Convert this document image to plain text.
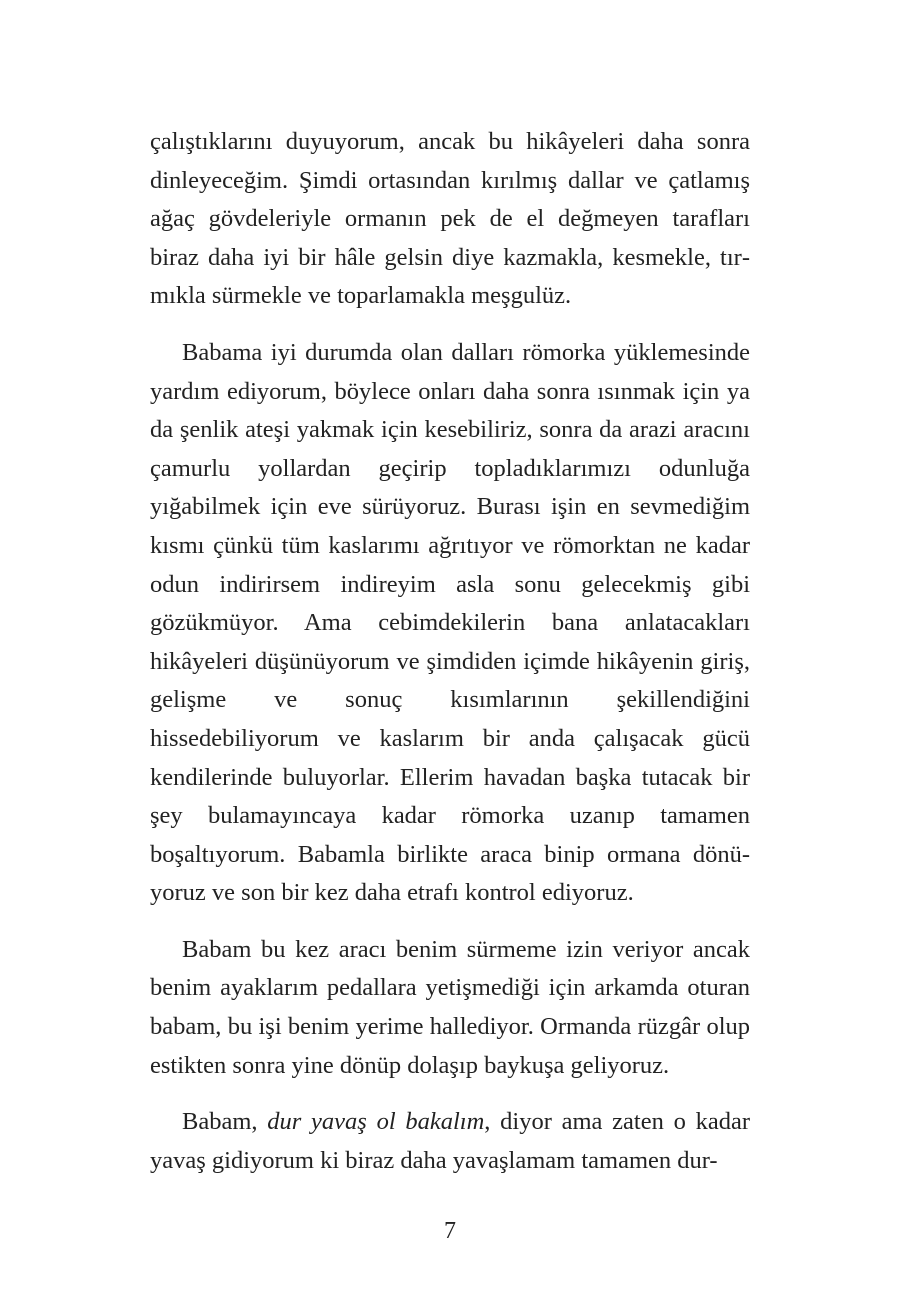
çalıştıklarını duyuyorum, ancak bu hikâyeleri daha sonra dinleyeceğim. Şimdi ortasından kırılmış dallar ve çatlamış ağaç gövdeleriyle ormanın pek de el değmeyen tarafları biraz daha iyi bir hâle gelsin diye kazmakla, kesmekle, tırmıkla sürmekle ve toparlamakla meşgulüz.

Babama iyi durumda olan dalları römorka yüklemesinde yardım ediyorum, böylece onları daha sonra ısınmak için ya da şenlik ateşi yakmak için kesebiliriz, sonra da arazi aracını çamurlu yollardan geçirip topladıklarımızı odunluğa yığabilmek için eve sürüyoruz. Burası işin en sevmediğim kısmı çünkü tüm kaslarımı ağrıtıyor ve römorktan ne kadar odun indirirsem indireyim asla sonu gelecekmiş gibi gözükmüyor. Ama cebimdekilerin bana anlatacakları hikâyeleri düşünüyorum ve şimdiden içimde hikâyenin giriş, gelişme ve sonuç kısımlarının şekillendiğini hissedebiliyorum ve kaslarım bir anda çalışacak gücü kendilerinde buluyorlar. Ellerim havadan başka tutacak bir şey bulamayıncaya kadar römorka uzanıp tamamen boşaltıyorum. Babamla birlikte araca binip ormana dönüyoruz ve son bir kez daha etrafı kontrol ediyoruz.

Babam bu kez aracı benim sürmeme izin veriyor ancak benim ayaklarım pedallara yetişmediği için arkamda oturan babam, bu işi benim yerime hallediyor. Ormanda rüzgâr olup estikten sonra yine dönüp dolaşıp baykuşa geliyoruz.

Babam, dur yavaş ol bakalım, diyor ama zaten o kadar yavaş gidiyorum ki biraz daha yavaşlamam tamamen dur-

7
